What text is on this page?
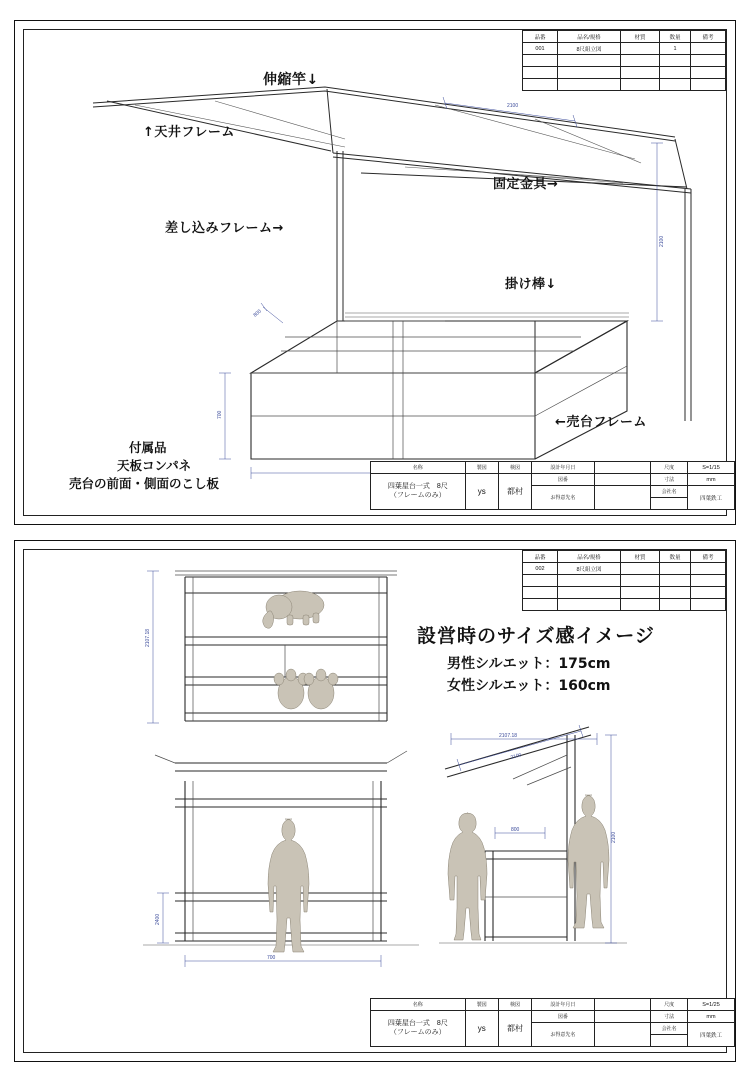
品番	品名/規格	材質	数量	備考
001	8尺組立図		1	

2100
2100
800
700
伸縮竿↓
↑天井フレーム
差し込みフレーム→
固定金具→
掛け棒↓
←売台フレーム
付属品
天板コンパネ
売台の前面・側面のこし板
名称	製図	検図	設計年月日		尺度	S=1/15
四葉屋台一式　8尺
（フレームのみ）	ys	都村	図番		寸法	mm
			お得意先名		会社名	四葉鉄工

品番	品名/規格	材質	数量	備考
002	8尺組立図			

2107.18
2400
700
2107.18
2100
2100
800
設営時のサイズ感イメージ
男性シルエット：175cm
女性シルエット：160cm
名称	製図	検図	設計年月日		尺度	S=1/25
四葉屋台一式　8尺
（フレームのみ）	ys	都村	図番		寸法	mm
			お得意先名		会社名	四葉鉄工
